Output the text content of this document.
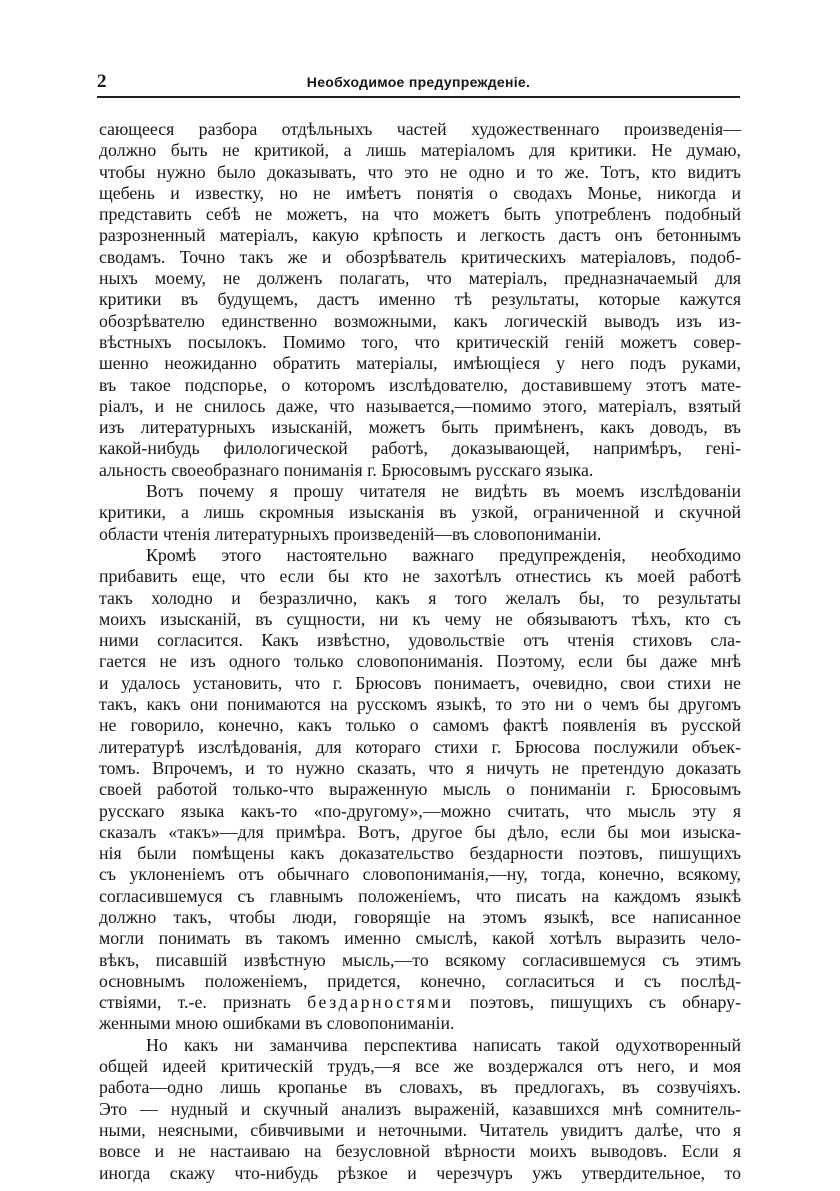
2	Необходимое предупрежденіе.
сающееся разбора отдѣльныхъ частей художественнаго произведенія—
должно быть не критикой, а лишь матеріаломъ для критики. Не думаю,
чтобы нужно было доказывать, что это не одно и то же. Тотъ, кто видитъ
щебень и известку, но не имѣетъ понятія о сводахъ Монье, никогда и
представить себѣ не можетъ, на что можетъ быть употребленъ подобный
разрозненный матеріалъ, какую крѣпость и легкость дастъ онъ бетоннымъ
сводамъ. Точно такъ же и обозрѣватель критическихъ матеріаловъ, подоб-
ныхъ моему, не долженъ полагать, что матеріалъ, предназначаемый для
критики въ будущемъ, дастъ именно тѣ результаты, которые кажутся
обозрѣвателю единственно возможными, какъ логическій выводъ изъ из-
вѣстныхъ посылокъ. Помимо того, что критическій геній можетъ совер-
шенно неожиданно обратить матеріалы, имѣющіеся у него подъ руками,
въ такое подспорье, о которомъ изслѣдователю, доставившему этотъ мате-
ріалъ, и не снилось даже, что называется,—помимо этого, матеріалъ, взятый
изъ литературныхъ изысканій, можетъ быть примѣненъ, какъ доводъ, въ
какой-нибудь филологической работѣ, доказывающей, напримѣръ, гені-
альность своеобразнаго пониманія г. Брюсовымъ русскаго языка.
Вотъ почему я прошу читателя не видѣть въ моемъ изслѣдованіи
критики, а лишь скромныя изысканія въ узкой, ограниченной и скучной
области чтенія литературныхъ произведеній—въ словопониманіи.
Кромѣ этого настоятельно важнаго предупрежденія, необходимо
прибавить еще, что если бы кто не захотѣлъ отнестись къ моей работѣ
такъ холодно и безразлично, какъ я того желалъ бы, то результаты
моихъ изысканій, въ сущности, ни къ чему не обязываютъ тѣхъ, кто съ
ними согласится. Какъ извѣстно, удовольствіе отъ чтенія стиховъ сла-
гается не изъ одного только словопониманія. Поэтому, если бы даже мнѣ
и удалось установить, что г. Брюсовъ понимаетъ, очевидно, свои стихи не
такъ, какъ они понимаются на русскомъ языкѣ, то это ни о чемъ бы другомъ
не говорило, конечно, какъ только о самомъ фактѣ появленія въ русской
литературѣ изслѣдованія, для котораго стихи г. Брюсова послужили объек-
томъ. Впрочемъ, и то нужно сказать, что я ничуть не претендую доказать
своей работой только-что выраженную мысль о пониманіи г. Брюсовымъ
русскаго языка какъ-то «по-другому»,—можно считать, что мысль эту я
сказалъ «такъ»—для примѣра. Вотъ, другое бы дѣло, если бы мои изыска-
нія были помѣщены какъ доказательство бездарности поэтовъ, пишущихъ
съ уклоненіемъ отъ обычнаго словопониманія,—ну, тогда, конечно, всякому,
согласившемуся съ главнымъ положеніемъ, что писать на каждомъ языкѣ
должно такъ, чтобы люди, говорящіе на этомъ языкѣ, все написанное
могли понимать въ такомъ именно смыслѣ, какой хотѣлъ выразить чело-
вѣкъ, писавшій извѣстную мысль,—то всякому согласившемуся съ этимъ
основнымъ положеніемъ, придется, конечно, согласиться и съ послѣд-
ствіями, т.-е. признать бездарностями поэтовъ, пишущихъ съ обнару-
женными мною ошибками въ словопониманіи.
Но какъ ни заманчива перспектива написать такой одухотворенный
общей идеей критическій трудъ,—я все же воздержался отъ него, и моя
работа—одно лишь кропанье въ словахъ, въ предлогахъ, въ созвучіяхъ.
Это — нудный и скучный анализъ выраженій, казавшихся мнѣ сомнитель-
ными, неясными, сбивчивыми и неточными. Читатель увидитъ далѣе, что я
вовсе и не настаиваю на безусловной вѣрности моихъ выводовъ. Если я
иногда скажу что-нибудь рѣзкое и черезчуръ ужъ утвердительное, то
